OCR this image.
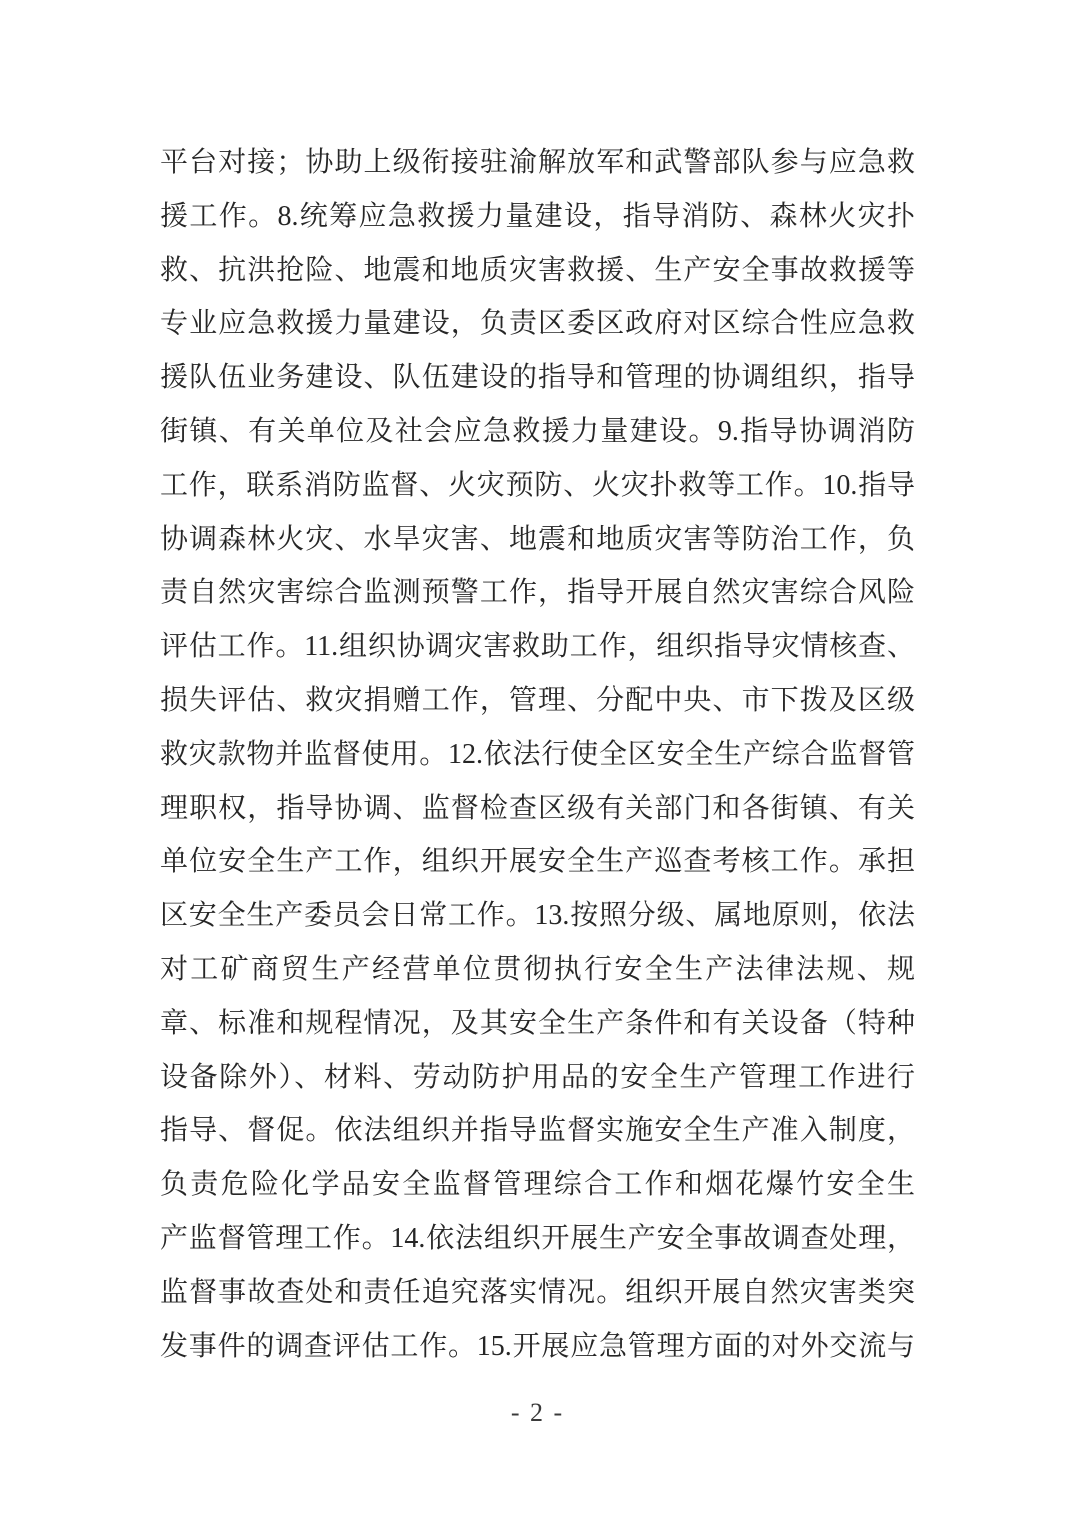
平台对接；协助上级衔接驻渝解放军和武警部队参与应急救
援工作。8.统筹应急救援力量建设，指导消防、森林火灾扑
救、抗洪抢险、地震和地质灾害救援、生产安全事故救援等
专业应急救援力量建设，负责区委区政府对区综合性应急救
援队伍业务建设、队伍建设的指导和管理的协调组织，指导
街镇、有关单位及社会应急救援力量建设。9.指导协调消防
工作，联系消防监督、火灾预防、火灾扑救等工作。10.指导
协调森林火灾、水旱灾害、地震和地质灾害等防治工作，负
责自然灾害综合监测预警工作，指导开展自然灾害综合风险
评估工作。11.组织协调灾害救助工作，组织指导灾情核查、
损失评估、救灾捐赠工作，管理、分配中央、市下拨及区级
救灾款物并监督使用。12.依法行使全区安全生产综合监督管
理职权，指导协调、监督检查区级有关部门和各街镇、有关
单位安全生产工作，组织开展安全生产巡查考核工作。承担
区安全生产委员会日常工作。13.按照分级、属地原则，依法
对工矿商贸生产经营单位贯彻执行安全生产法律法规、规
章、标准和规程情况，及其安全生产条件和有关设备（特种
设备除外）、材料、劳动防护用品的安全生产管理工作进行
指导、督促。依法组织并指导监督实施安全生产准入制度，
负责危险化学品安全监督管理综合工作和烟花爆竹安全生
产监督管理工作。14.依法组织开展生产安全事故调查处理，
监督事故查处和责任追究落实情况。组织开展自然灾害类突
发事件的调查评估工作。15.开展应急管理方面的对外交流与
- 2 -
